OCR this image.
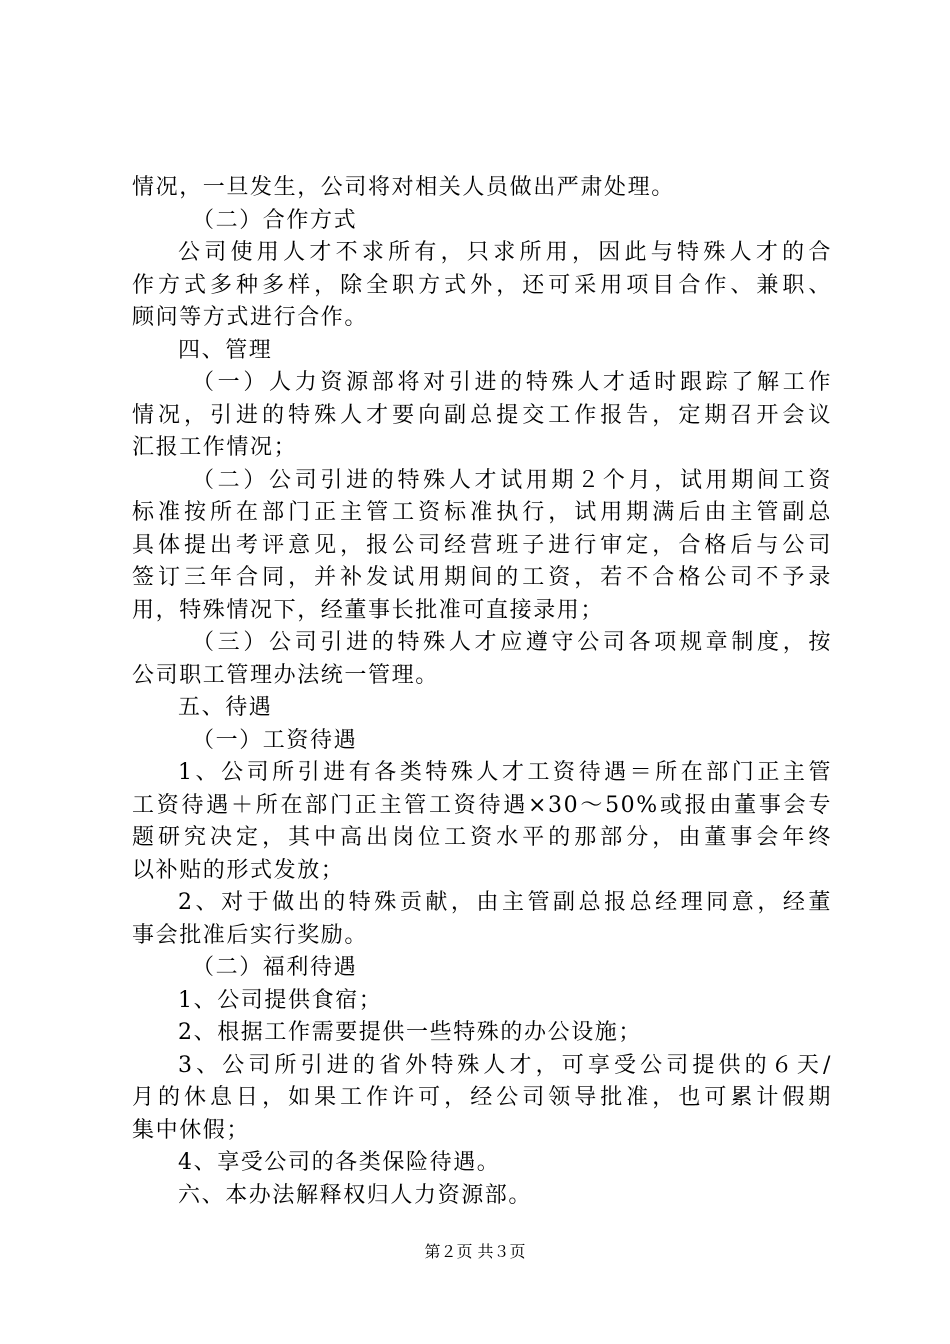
情况，一旦发生，公司将对相关人员做出严肃处理。
（二）合作方式
公司使用人才不求所有，只求所用，因此与特殊人才的合
作方式多种多样，除全职方式外，还可采用项目合作、兼职、
顾问等方式进行合作。
四、管理
（一）人力资源部将对引进的特殊人才适时跟踪了解工作
情况，引进的特殊人才要向副总提交工作报告，定期召开会议
汇报工作情况；
（二）公司引进的特殊人才试用期２个月，试用期间工资
标准按所在部门正主管工资标准执行，试用期满后由主管副总
具体提出考评意见，报公司经营班子进行审定，合格后与公司
签订三年合同，并补发试用期间的工资，若不合格公司不予录
用，特殊情况下，经董事长批准可直接录用；
（三）公司引进的特殊人才应遵守公司各项规章制度，按
公司职工管理办法统一管理。
五、待遇
（一）工资待遇
1、公司所引进有各类特殊人才工资待遇＝所在部门正主管
工资待遇＋所在部门正主管工资待遇×30～50%或报由董事会专
题研究决定，其中高出岗位工资水平的那部分，由董事会年终
以补贴的形式发放；
2、对于做出的特殊贡献，由主管副总报总经理同意，经董
事会批准后实行奖励。
（二）福利待遇
1、公司提供食宿；
2、根据工作需要提供一些特殊的办公设施；
3、公司所引进的省外特殊人才，可享受公司提供的６天/
月的休息日，如果工作许可，经公司领导批准，也可累计假期
集中休假；
4、享受公司的各类保险待遇。
六、本办法解释权归人力资源部。
第２页 共３页
